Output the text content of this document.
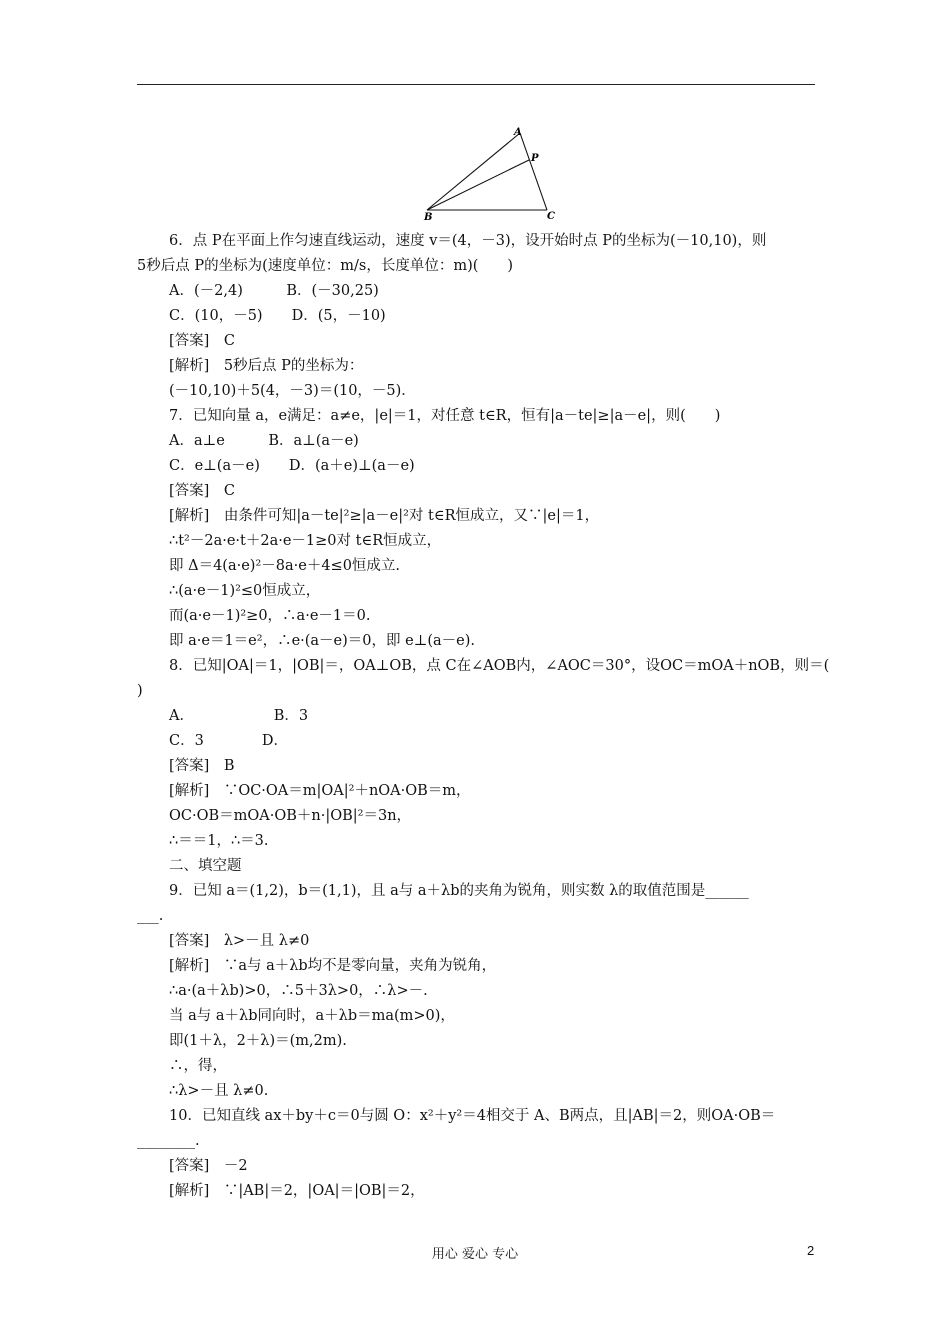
A
P
B	C
6．点 P在平面上作匀速直线运动，速度 v＝(4，－3)，设开始时点 P的坐标为(－10,10)，则
5秒后点 P的坐标为(速度单位：m/s，长度单位：m)(　　)
A．(－2,4)　　　B．(－30,25)
C．(10，－5)　　D．(5，－10)
[答案]　C
[解析]　5秒后点 P的坐标为：
(－10,10)＋5(4，－3)＝(10，－5)．
7．已知向量 a，e满足：a≠e，|e|＝1，对任意 t∈R，恒有|a－te|≥|a－e|，则(　　)
A．a⊥e　　　B．a⊥(a－e)
C．e⊥(a－e)　　D．(a＋e)⊥(a－e)
[答案]　C
[解析]　由条件可知|a－te|²≥|a－e|²对 t∈R恒成立，又∵|e|＝1，
∴t²－2a·e·t＋2a·e－1≥0对 t∈R恒成立，
即 Δ＝4(a·e)²－8a·e＋4≤0恒成立.
∴(a·e－1)²≤0恒成立，
而(a·e－1)²≥0，∴a·e－1＝0.
即 a·e＝1＝e²，∴e·(a－e)＝0，即 e⊥(a－e).
8．已知|OA|＝1，|OB|＝，OA⊥OB，点 C在∠AOB内，∠AOC＝30°，设OC＝mOA＋nOB，则＝(
)
A．　　　　　　B．3
C．3　　　　D．
[答案]　B
[解析]　∵OC·OA＝m|OA|²＋nOA·OB＝m，
OC·OB＝mOA·OB＋n·|OB|²＝3n，
∴＝＝1，∴＝3.
二、填空题
9．已知 a＝(1,2)，b＝(1,1)，且 a与 a＋λb的夹角为锐角，则实数 λ的取值范围是______
___.
[答案]　λ>－且 λ≠0
[解析]　∵a与 a＋λb均不是零向量，夹角为锐角，
∴a·(a＋λb)>0，∴5＋3λ>0，∴λ>－.
当 a与 a＋λb同向时，a＋λb＝ma(m>0)，
即(1＋λ，2＋λ)＝(m,2m).
∴，得，
∴λ>－且 λ≠0.
10．已知直线 ax＋by＋c＝0与圆 O：x²＋y²＝4相交于 A、B两点，且|AB|＝2，则OA·OB＝
________.
[答案]　－2
[解析]　∵|AB|＝2，|OA|＝|OB|＝2，
用心 爱心 专心	2
